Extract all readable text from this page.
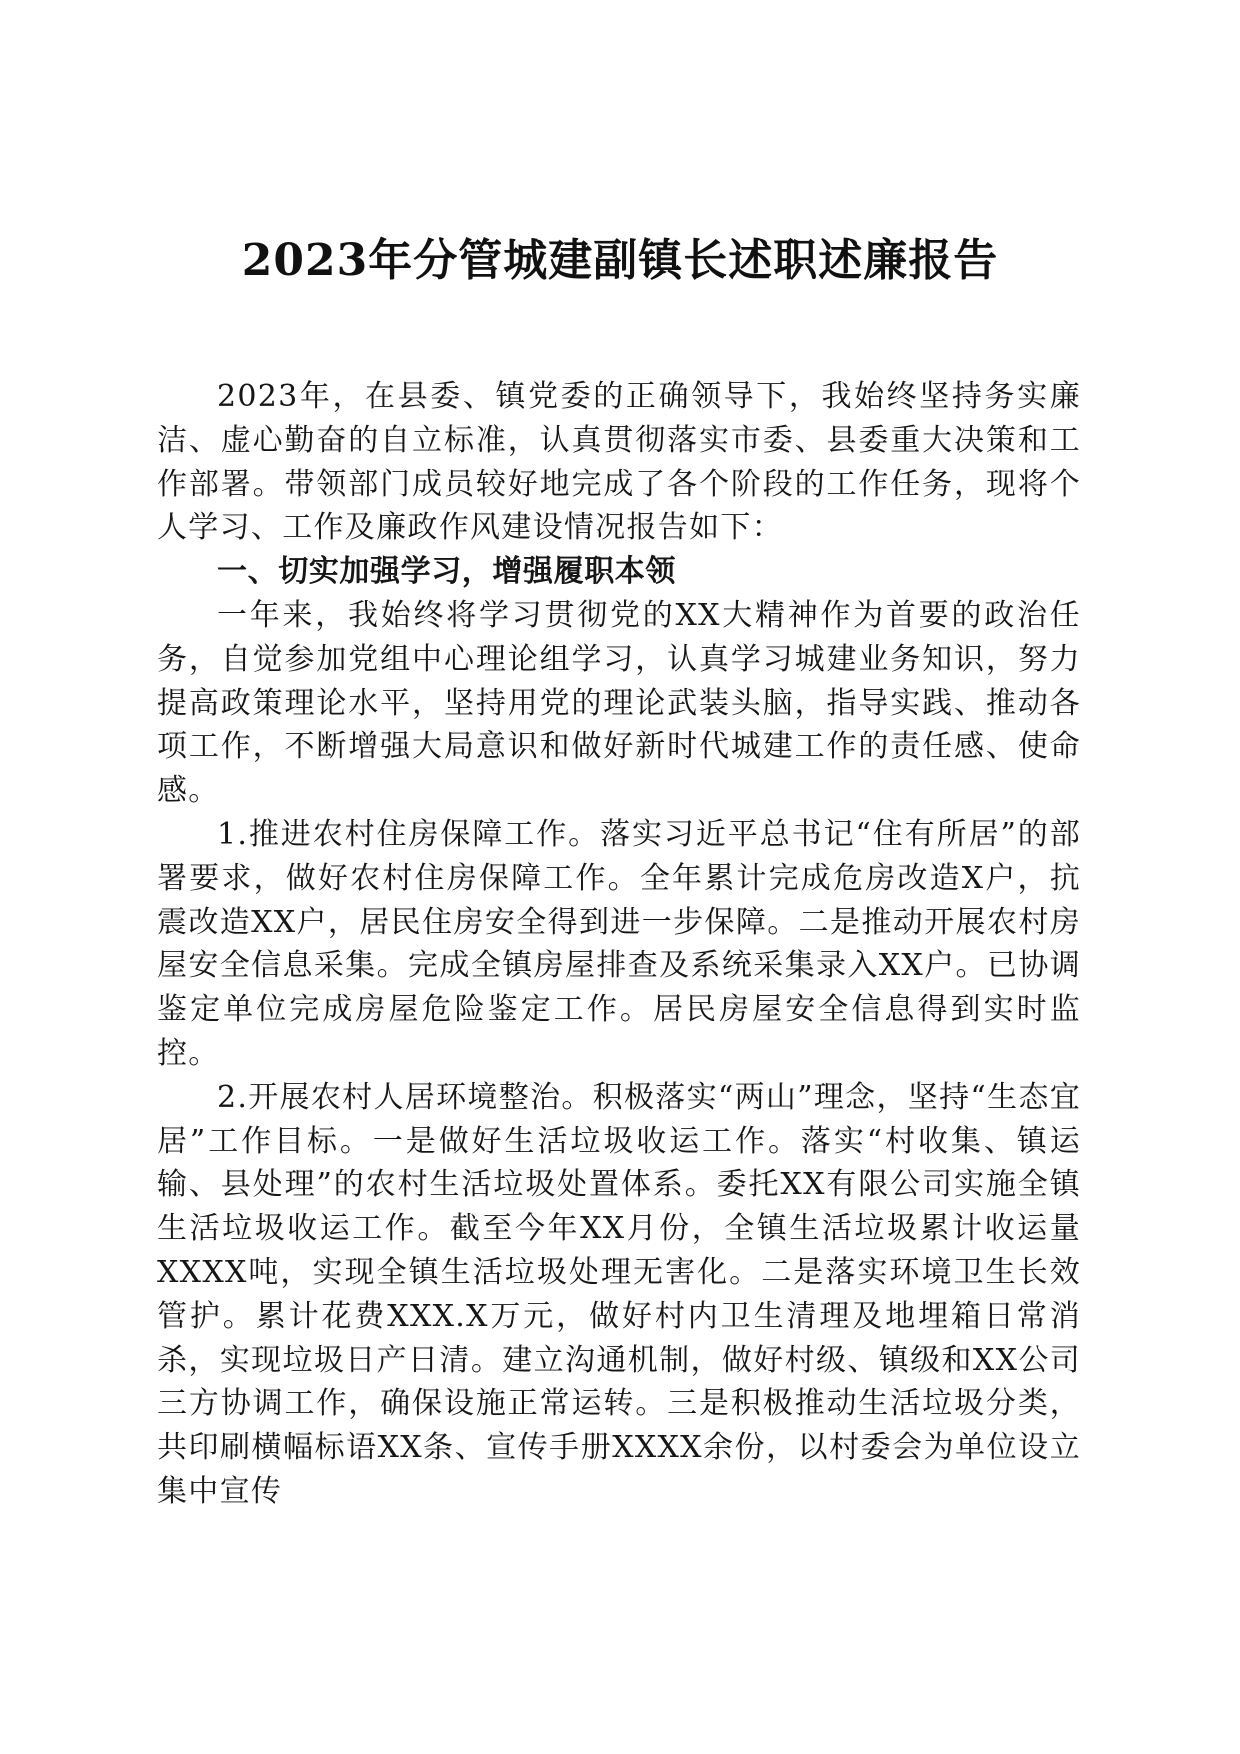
2023年分管城建副镇长述职述廉报告

2023年，在县委、镇党委的正确领导下，我始终坚持务实廉洁、虚心勤奋的自立标准，认真贯彻落实市委、县委重大决策和工作部署。带领部门成员较好地完成了各个阶段的工作任务，现将个人学习、工作及廉政作风建设情况报告如下：

一、切实加强学习，增强履职本领

一年来，我始终将学习贯彻党的XX大精神作为首要的政治任务，自觉参加党组中心理论组学习，认真学习城建业务知识，努力提高政策理论水平，坚持用党的理论武装头脑，指导实践、推动各项工作，不断增强大局意识和做好新时代城建工作的责任感、使命感。

1.推进农村住房保障工作。落实习近平总书记“住有所居”的部署要求，做好农村住房保障工作。全年累计完成危房改造X户，抗震改造XX户，居民住房安全得到进一步保障。二是推动开展农村房屋安全信息采集。完成全镇房屋排查及系统采集录入XX户。已协调鉴定单位完成房屋危险鉴定工作。居民房屋安全信息得到实时监控。

2.开展农村人居环境整治。积极落实“两山”理念，坚持“生态宜居”工作目标。一是做好生活垃圾收运工作。落实“村收集、镇运输、县处理”的农村生活垃圾处置体系。委托XX有限公司实施全镇生活垃圾收运工作。截至今年XX月份，全镇生活垃圾累计收运量XXXX吨，实现全镇生活垃圾处理无害化。二是落实环境卫生长效管护。累计花费XXX.X万元，做好村内卫生清理及地埋箱日常消杀，实现垃圾日产日清。建立沟通机制，做好村级、镇级和XX公司三方协调工作，确保设施正常运转。三是积极推动生活垃圾分类，共印刷横幅标语XX条、宣传手册XXXX余份，以村委会为单位设立集中宣传
